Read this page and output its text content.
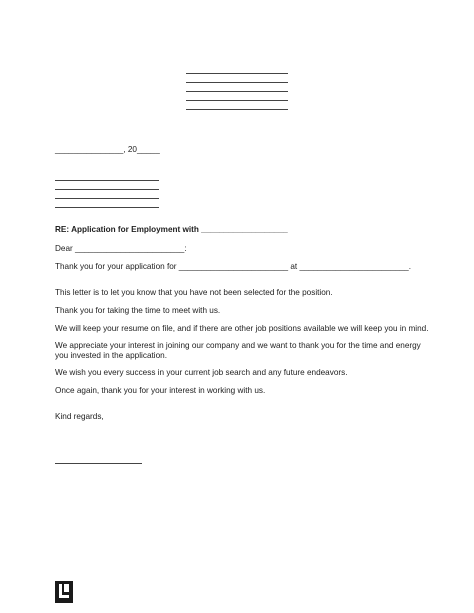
_______________, 20_____
RE: Application for Employment with ___________________
Dear ________________________:
Thank you for your application for ________________________ at ________________________.
This letter is to let you know that you have not been selected for the position.
Thank you for taking the time to meet with us.
We will keep your resume on file, and if there are other job positions available we will keep you in mind.
We appreciate your interest in joining our company and we want to thank you for the time and energy you invested in the application.
We wish you every success in your current job search and any future endeavors.
Once again, thank you for your interest in working with us.
Kind regards,
